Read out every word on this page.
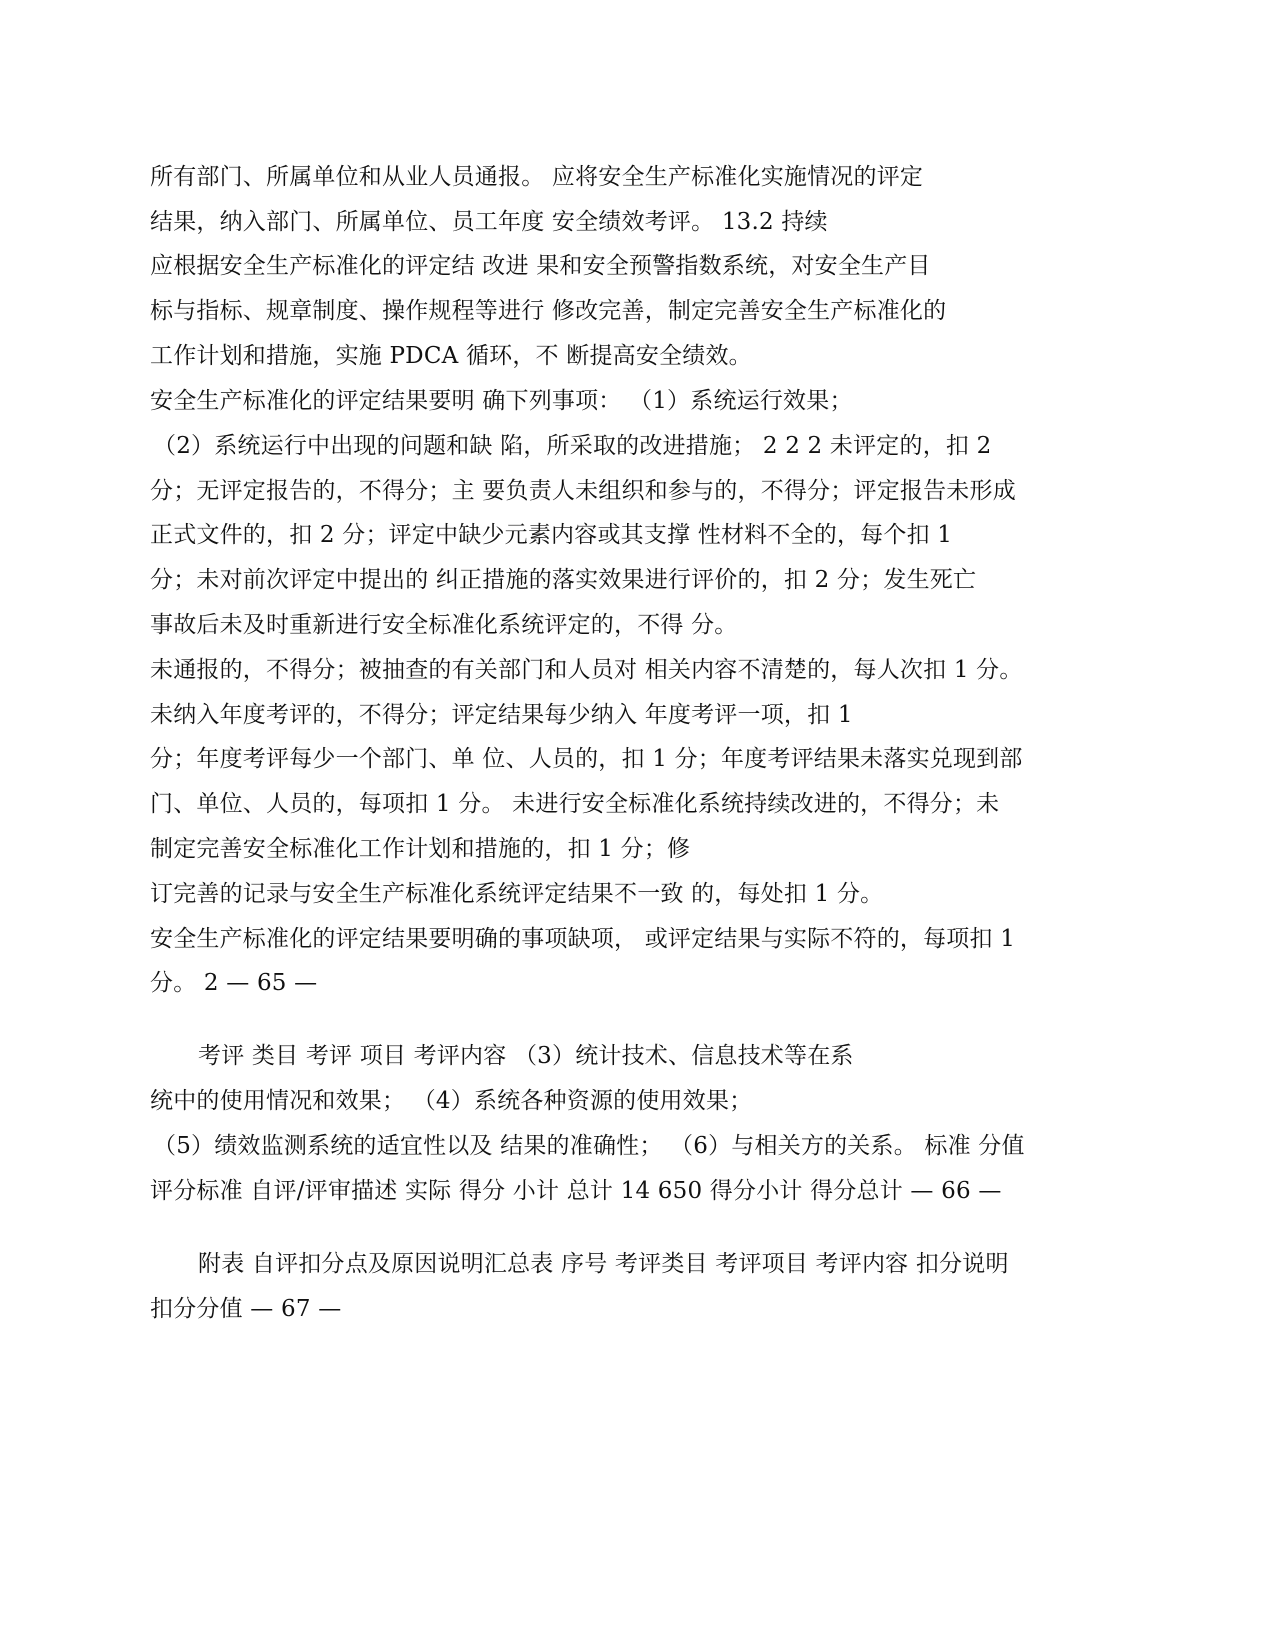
所有部门、所属单位和从业人员通报。 应将安全生产标准化实施情况的评定
结果，纳入部门、所属单位、员工年度 安全绩效考评。 13.2 持续
应根据安全生产标准化的评定结 改进 果和安全预警指数系统，对安全生产目
标与指标、规章制度、操作规程等进行 修改完善，制定完善安全生产标准化的
工作计划和措施，实施 PDCA 循环，不 断提高安全绩效。
安全生产标准化的评定结果要明 确下列事项： （1）系统运行效果；
（2）系统运行中出现的问题和缺 陷，所采取的改进措施； 2 2 2 未评定的，扣 2
分；无评定报告的，不得分；主 要负责人未组织和参与的，不得分；评定报告未形成
正式文件的，扣 2 分；评定中缺少元素内容或其支撑 性材料不全的，每个扣 1
分；未对前次评定中提出的 纠正措施的落实效果进行评价的，扣 2 分；发生死亡
事故后未及时重新进行安全标准化系统评定的，不得 分。
未通报的，不得分；被抽查的有关部门和人员对 相关内容不清楚的，每人次扣 1 分。
未纳入年度考评的，不得分；评定结果每少纳入 年度考评一项，扣 1
分；年度考评每少一个部门、单 位、人员的，扣 1 分；年度考评结果未落实兑现到部
门、单位、人员的，每项扣 1 分。 未进行安全标准化系统持续改进的，不得分；未
制定完善安全标准化工作计划和措施的，扣 1 分；修
订完善的记录与安全生产标准化系统评定结果不一致 的，每处扣 1 分。
安全生产标准化的评定结果要明确的事项缺项， 或评定结果与实际不符的，每项扣 1
分。 2 — 65 —
考评 类目 考评 项目 考评内容 （3）统计技术、信息技术等在系
统中的使用情况和效果； （4）系统各种资源的使用效果；
（5）绩效监测系统的适宜性以及 结果的准确性； （6）与相关方的关系。 标准 分值
评分标准 自评/评审描述 实际 得分 小计 总计 14 650 得分小计 得分总计 — 66 —
附表 自评扣分点及原因说明汇总表 序号 考评类目 考评项目 考评内容 扣分说明
扣分分值 — 67 —
